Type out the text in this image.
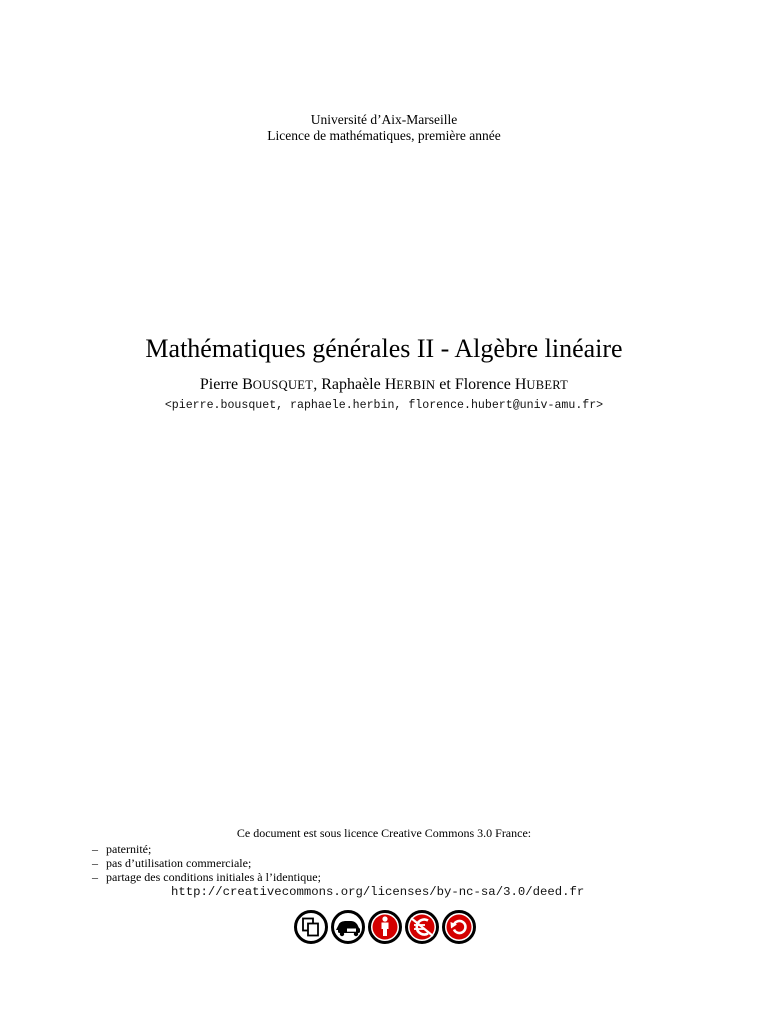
Université d’Aix-Marseille
Licence de mathématiques, première année
Mathématiques générales II - Algèbre linéaire
Pierre BOUSQUET, Raphaèle HERBIN et Florence HUBERT
<pierre.bousquet, raphaele.herbin, florence.hubert@univ-amu.fr>
Ce document est sous licence Creative Commons 3.0 France:
– paternité;
– pas d’utilisation commerciale;
– partage des conditions initiales à l’identique;
http://creativecommons.org/licenses/by-nc-sa/3.0/deed.fr
